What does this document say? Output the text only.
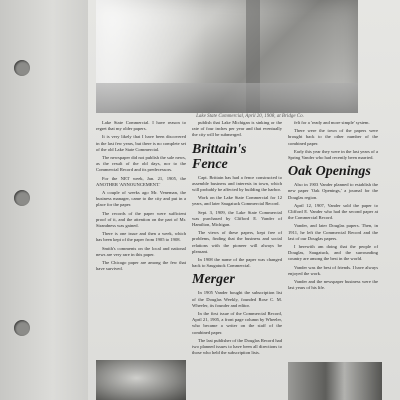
Lake State Commercial, April 20, 1908, at Bridge Co.

Lake State Commercial. I have reason to regret that my older papers.

It is very likely that I have been discovered in the last few years, but there is no complete set of the old Lake State Commercial.

The newspaper did not publish the sale news, as the result of the old days, nor to the Commercial Record and its predecessors.

For the NET week, Jan. 21, 1905, the ANOTHER 'ANNOUNCEMENT.'

A couple of weeks ago Mr. Veneman, the business manager, came to the city and put in a place for the paper.

The records of the paper were sufficient proof of it, and the attention on the part of Mr. Strandness was gained.

There is one issue and then a week, which has been kept of the paper from 1905 to 1908.

Smith's comments on the local and national news are very rare in this paper.

The Chicago paper are among the few that have survived.

publish that Lake Michigan is sinking or the rate of four inches per year and that eventually the city will be submerged.

Brittain's Fence

Capt. Brittain has had a fence constructed to assemble business and interests in town, which will probably be affected by building the harbor.

Work on the Lake State Commercial for 12 years, and later Saugatuck Commercial Record.

Sept. 3, 1909, the Lake State Commercial was purchased by Clifford E. Vander of Hamilton, Michigan.

The views of these papers, kept free of problems, finding that the business and social relations with the pioneer will always be pleasant.

In 1908 the name of the paper was changed back to Saugatuck Commercial.

Merger

In 1905 Vander bought the subscription list of the Douglas Weekly, founded Rose C. M. Wheeler, its founder and editor.

In the first issue of the Commercial Record, April 21, 1905, a front page column by Wheeler, who became a writer on the staff of the combined paper.

The last publisher of the Douglas Record had two planned issues to have been all directions to those who held the subscription lists.

felt for a 'ready and more simple' system.

There were the town of the papers were brought back to the other number of the combined paper.

Early this year they were in the last years of a Spring Vander who had recently been married.

Oak Openings

Also in 1903 Vander planned to establish the new paper 'Oak Openings,' a journal for the Douglas region.

April 12, 1907, Vander sold the paper to Clifford E. Vander who had the second paper at the Commercial Record.

Vander, and later Douglas papers. Then, in 1911, he left the Commercial Record and the last of our Douglas papers.

I herewith am doing that the people of Douglas, Saugatuck, and the surrounding country are among the best in the world.

Vander was the best of friends. I have always enjoyed the work.

Vander and the newspaper business were the last years of his life.
